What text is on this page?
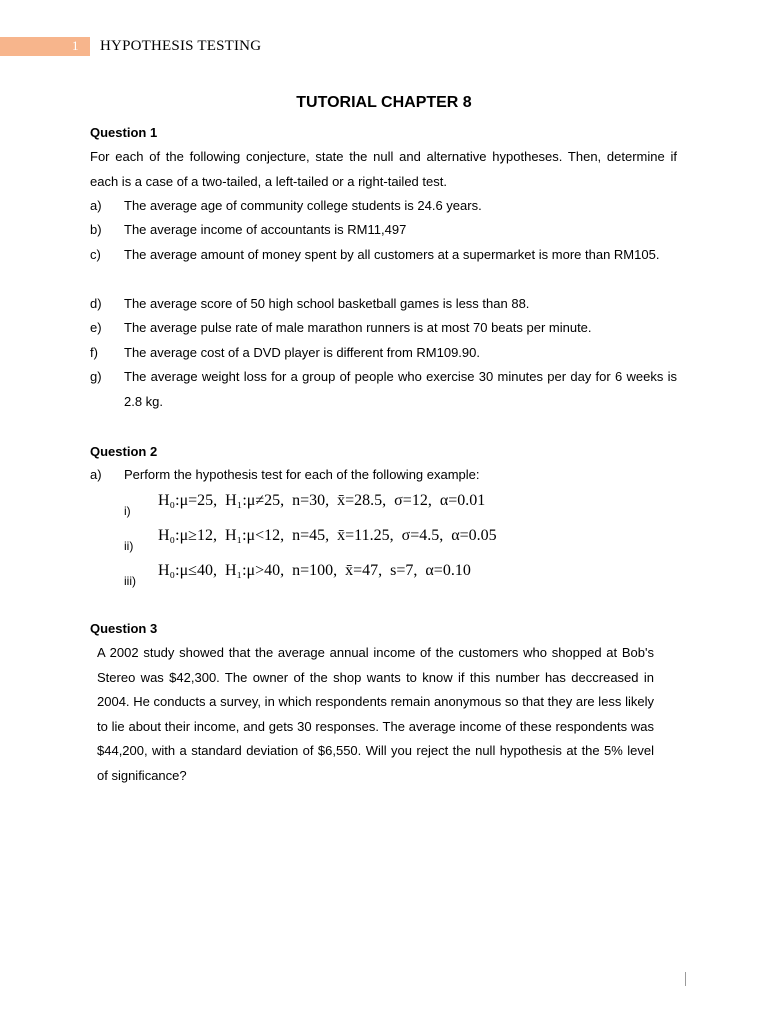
1 HYPOTHESIS TESTING
TUTORIAL CHAPTER 8
Question 1
For each of the following conjecture, state the null and alternative hypotheses. Then, determine if each is a case of a two-tailed, a left-tailed or a right-tailed test.
a) The average age of community college students is 24.6 years.
b) The average income of accountants is RM11,497
c) The average amount of money spent by all customers at a supermarket is more than RM105.
d) The average score of 50 high school basketball games is less than 88.
e) The average pulse rate of male marathon runners is at most 70 beats per minute.
f) The average cost of a DVD player is different from RM109.90.
g) The average weight loss for a group of people who exercise 30 minutes per day for 6 weeks is 2.8 kg.
Question 2
a) Perform the hypothesis test for each of the following example:
i)
H₀:μ=25,  H₁:μ≠25,  n=30,  x̄=28.5,  σ=12,  α=0.01
ii)
H₀:μ≥12,  H₁:μ<12,  n=45,  x̄=11.25,  σ=4.5,  α=0.05
iii)
H₀:μ≤40,  H₁:μ>40,  n=100,  x̄=47,  s=7,  α=0.10
Question 3
A 2002 study showed that the average annual income of the customers who shopped at Bob's Stereo was $42,300. The owner of the shop wants to know if this number has deccreased in 2004. He conducts a survey, in which respondents remain anonymous so that they are less likely to lie about their income, and gets 30 responses. The average income of these respondents was $44,200, with a standard deviation of $6,550. Will you reject the null hypothesis at the 5% level of significance?
